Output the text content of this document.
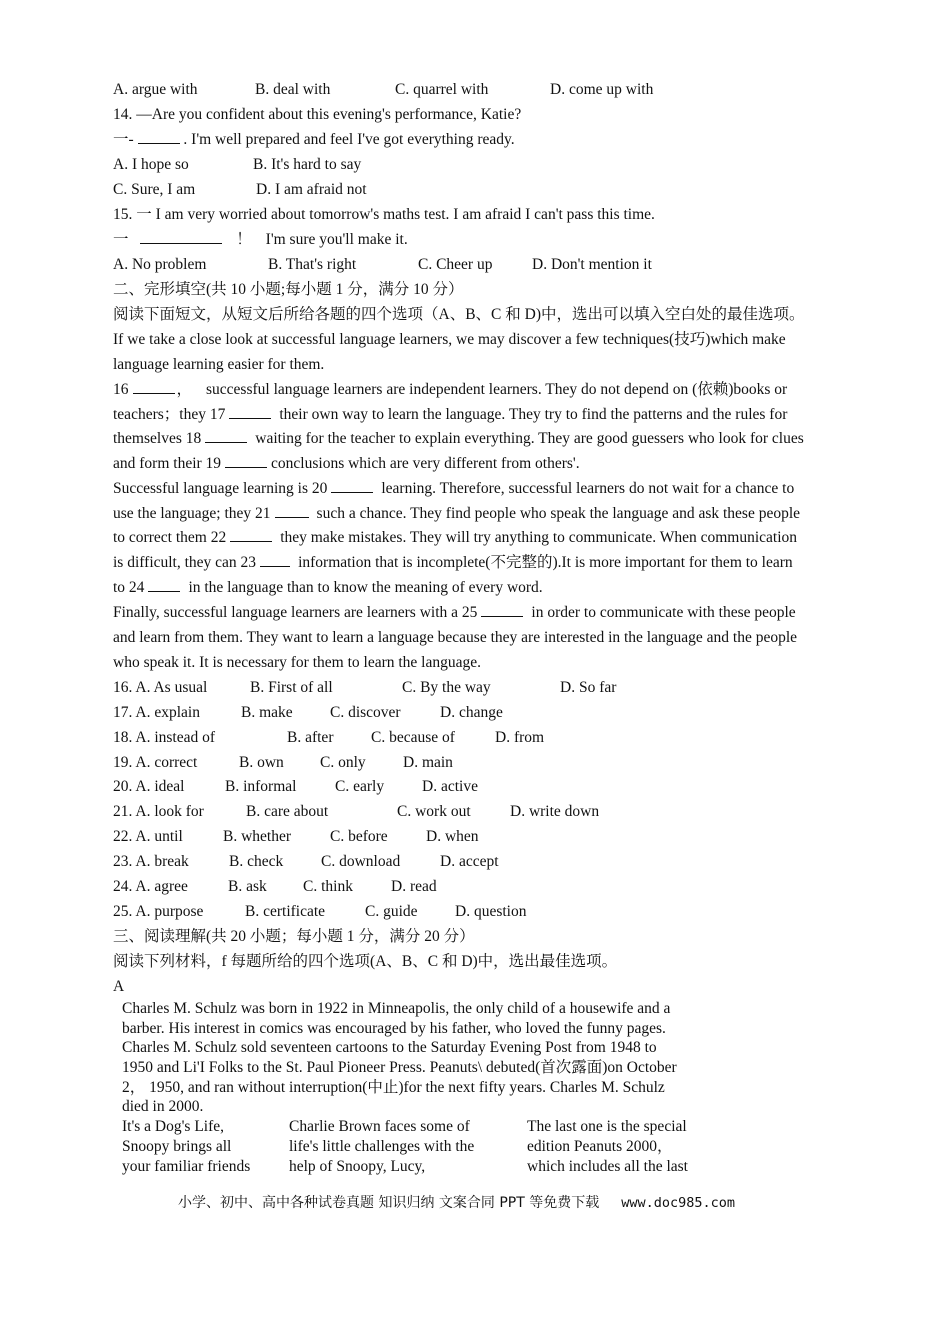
A. argue with	B. deal with	C. quarrel with	D. come up with
14. —Are you confident about this evening's performance, Katie?
一-	. I'm well prepared and feel I've got everything ready.
A. I hope so	B. It's hard to say
C. Sure, I am	D. I am afraid not
15. 一 I am very worried about tomorrow's maths test. I am afraid I can't pass this time.
一	！ I'm sure you'll make it.
A. No problem	B. That's right	C. Cheer up	D. Don't mention it
二、完形填空(共 10 小题;每小题 1 分，满分 10 分）
阅读下面短文，从短文后所给各题的四个选项（A、B、C 和 D)中，选出可以填入空白处的最佳选项。
If we take a close look at successful language learners, we may discover a few techniques(技巧)which make
language learning easier for them.
16	， successful language learners are independent learners. They do not depend on (依赖)books or
teachers；they 17	their own way to learn the language. They try to find the patterns and the rules for
themselves 18	waiting for the teacher to explain everything. They are good guessers who look for clues
and form their 19	conclusions which are very different from others'.
Successful language learning is 20	learning. Therefore, successful learners do not wait for a chance to
use the language; they 21	such a chance. They find people who speak the language and ask these people
to correct them 22	they make mistakes. They will try anything to communicate. When communication
is difficult, they can 23	information that is incomplete(不完整的).It is more important for them to learn
to 24	in the language than to know the meaning of every word.
Finally, successful language learners are learners with a 25	in order to communicate with these people
and learn from them. They want to learn a language because they are interested in the language and the people
who speak it. It is necessary for them to learn the language.
16. A. As usual	B. First of all	C. By the way	D. So far
17. A. explain	B. make C. discover	D. change
18. A. instead of	B. after C. because of	D. from
19. A. correct	B. own C. only D. main
20. A. ideal	B. informal C. early D. active
21. A. look for	B. care about	C. work out	D. write down
22. A. until	B. whether	C. before D. when
23. A. break	B. check C. download	D. accept
24. A. agree	B. ask C. think D. read
25. A. purpose	B. certificate	C. guide D. question
三、阅读理解(共 20 小题；每小题 1 分，满分 20 分）
阅读下列材料，f 每题所给的四个选项(A、B、C 和 D)中，选出最佳选项。
A
Charles M. Schulz was born in 1922 in Minneapolis, the only child of a housewife and a
barber. His interest in comics was encouraged by his father, who loved the funny pages.
Charles M. Schulz sold seventeen cartoons to the Saturday Evening Post from 1948 to
1950 and Li'I Folks to the St. Paul Pioneer Press. Peanuts\ debuted(首次露面)on October
2， 1950, and ran without interruption(中止)for the next fifty years. Charles M. Schulz
died in 2000.
It's a Dog's Life,
Snoopy brings all
your familiar friends
Charlie Brown faces some of
life's little challenges with the
help of Snoopy, Lucy,
The last one is the special
edition Peanuts 2000，
which includes all the last
小学、初中、高中各种试卷真题 知识归纳 文案合同 PPT 等免费下载 www.doc985.com
